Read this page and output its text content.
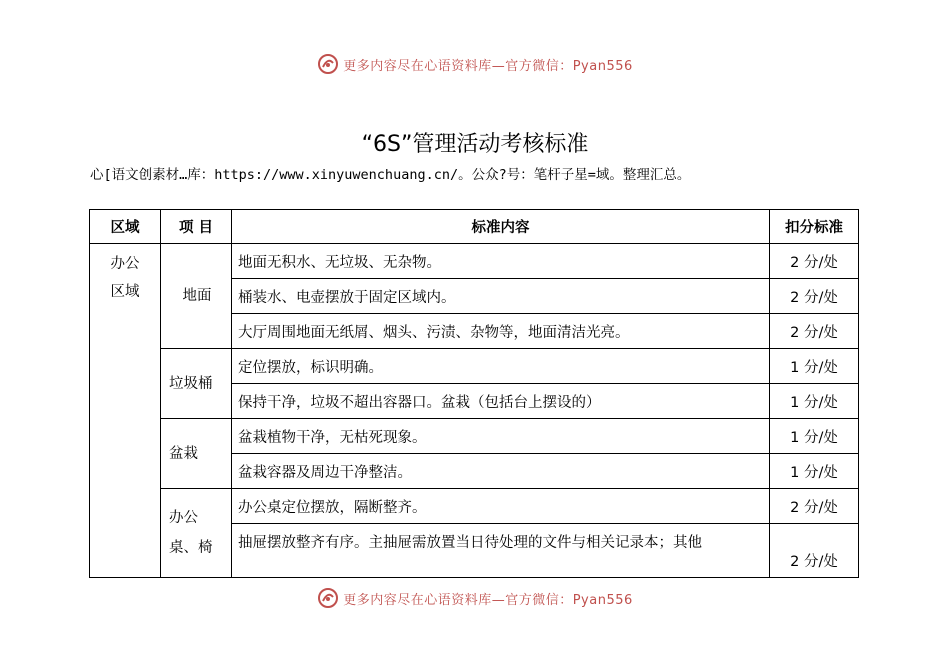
更多内容尽在心语资料库—官方微信：Pyan556
“6S”管理活动考核标准
心[语文创素材…库：https://www.xinyuwenchuang.cn/。公众?号：笔杆子星=域。整理汇总。
区域	项 目	标准内容	扣分标准

办公区域	地面	地面无积水、无垃圾、无杂物。	2 分/处
		桶装水、电壶摆放于固定区域内。	2 分/处
		大厅周围地面无纸屑、烟头、污渍、杂物等，地面清洁光亮。	2 分/处
	垃圾桶	定位摆放，标识明确。	1 分/处
		保持干净，垃圾不超出容器口。盆栽（包括台上摆设的）	1 分/处
	盆栽	盆栽植物干净，无枯死现象。	1 分/处
		盆栽容器及周边干净整洁。	1 分/处

	办公桌、椅	办公桌定位摆放，隔断整齐。	2 分/处
		抽屉摆放整齐有序。主抽屉需放置当日待处理的文件与相关记录本；其他	2 分/处
更多内容尽在心语资料库—官方微信：Pyan556
